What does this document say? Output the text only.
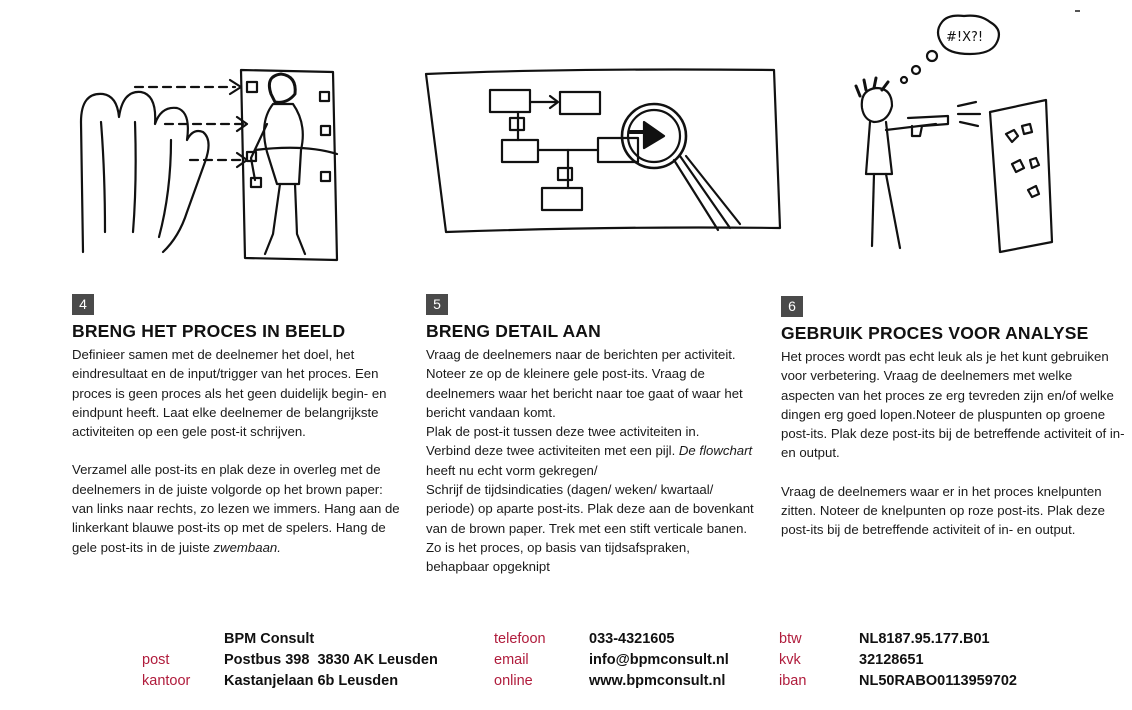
#!X?!
4
BRENG HET PROCES IN BEELD

Definieer samen met de deelnemer het doel, het eindresultaat en de input/trigger van het proces. Een proces is geen proces als het geen duidelijk begin- en eindpunt heeft. Laat elke deelnemer de belangrijkste activiteiten op een gele post-it schrijven.

Verzamel alle post-its en plak deze in overleg met de deelnemers in de juiste volgorde op het brown paper: van links naar rechts, zo lezen we immers. Hang aan de linkerkant blauwe post-its op met de spelers. Hang de gele post-its in de juiste zwembaan.

5
BRENG DETAIL AAN

Vraag de deelnemers naar de berichten per activiteit.

Noteer ze op de kleinere gele post-its. Vraag de deelnemers waar het bericht naar toe gaat of waar het bericht vandaan komt.

Plak de post-it tussen deze twee activiteiten in.

Verbind deze twee activiteiten met een pijl. De flowchart heeft nu echt vorm gekregen/

Schrijf de tijdsindicaties (dagen/ weken/ kwartaal/ periode) op aparte post-its. Plak deze aan de bovenkant van de brown paper. Trek met een stift verticale banen. Zo is het proces, op basis van tijdsafspraken, behapbaar opgeknipt

6
GEBRUIK PROCES VOOR ANALYSE

Het proces wordt pas echt leuk als je het kunt gebruiken voor verbetering. Vraag de deelnemers met welke aspecten van het proces ze erg tevreden zijn en/of welke dingen erg goed lopen.Noteer de pluspunten op groene post-its. Plak deze post-its bij de betreffende activiteit of in- en output.

Vraag de deelnemers waar er in het proces knelpunten zitten. Noteer de knelpunten op roze post-its. Plak deze post-its bij de betreffende activiteit of in- en output.

BPM Consult
post	Postbus 398  3830 AK Leusden
kantoor Kastanjelaan 6b Leusden
telefoon	033-4321605
email	info@bpmconsult.nl
online	www.bpmconsult.nl
btw	NL8187.95.177.B01
kvk	32128651
iban	NL50RABO0113959702
